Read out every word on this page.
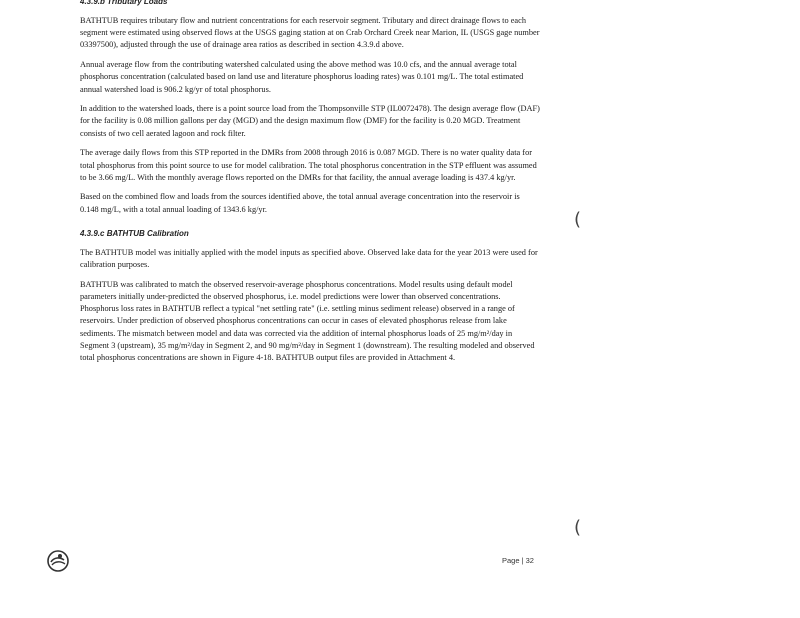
4.3.9.b Tributary Loads

BATHTUB requires tributary flow and nutrient concentrations for each reservoir segment. Tributary and direct drainage flows to each segment were estimated using observed flows at the USGS gaging station at on Crab Orchard Creek near Marion, IL (USGS gage number 03397500), adjusted through the use of drainage area ratios as described in section 4.3.9.d above.

Annual average flow from the contributing watershed calculated using the above method was 10.0 cfs, and the annual average total phosphorus concentration (calculated based on land use and literature phosphorus loading rates) was 0.101 mg/L. The total estimated annual watershed load is 906.2 kg/yr of total phosphorus.

In addition to the watershed loads, there is a point source load from the Thompsonville STP (IL0072478). The design average flow (DAF) for the facility is 0.08 million gallons per day (MGD) and the design maximum flow (DMF) for the facility is 0.20 MGD. Treatment consists of two cell aerated lagoon and rock filter.

The average daily flows from this STP reported in the DMRs from 2008 through 2016 is 0.087 MGD. There is no water quality data for total phosphorus from this point source to use for model calibration. The total phosphorus concentration in the STP effluent was assumed to be 3.66 mg/L. With the monthly average flows reported on the DMRs for that facility, the annual average loading is 437.4 kg/yr.

Based on the combined flow and loads from the sources identified above, the total annual average concentration into the reservoir is 0.148 mg/L, with a total annual loading of 1343.6 kg/yr.

4.3.9.c BATHTUB Calibration

The BATHTUB model was initially applied with the model inputs as specified above. Observed lake data for the year 2013 were used for calibration purposes.

BATHTUB was calibrated to match the observed reservoir-average phosphorus concentrations. Model results using default model parameters initially under-predicted the observed phosphorus, i.e. model predictions were lower than observed concentrations. Phosphorus loss rates in BATHTUB reflect a typical "net settling rate" (i.e. settling minus sediment release) observed in a range of reservoirs. Under prediction of observed phosphorus concentrations can occur in cases of elevated phosphorus release from lake sediments. The mismatch between model and data was corrected via the addition of internal phosphorus loads of 25 mg/m²/day in Segment 3 (upstream), 35 mg/m²/day in Segment 2, and 90 mg/m²/day in Segment 1 (downstream). The resulting modeled and observed total phosphorus concentrations are shown in Figure 4-18. BATHTUB output files are provided in Attachment 4.

(
(
Page | 32
